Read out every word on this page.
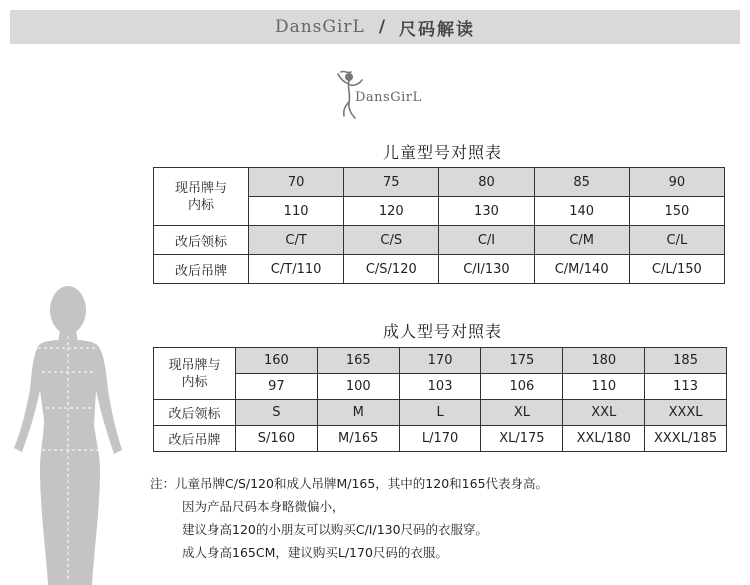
DansGirL / 尺码解读
DansGirL
儿童型号对照表
现吊牌与
内标	70	75	80	85	90
	110	120	130	140	150
改后领标	C/T	C/S	C/I	C/M	C/L
改后吊牌	C/T/110	C/S/120	C/I/130	C/M/140	C/L/150
成人型号对照表
现吊牌与
内标	160	165	170	175	180	185
	97	100	103	106	110	113
改后领标	S	M	L	XL	XXL	XXXL
改后吊牌	S/160	M/165	L/170	XL/175	XXL/180	XXXL/185
注：儿童吊牌C/S/120和成人吊牌M/165，其中的120和165代表身高。
因为产品尺码本身略微偏小，
建议身高120的小朋友可以购买C/I/130尺码的衣服穿。
成人身高165CM，建议购买L/170尺码的衣服。
